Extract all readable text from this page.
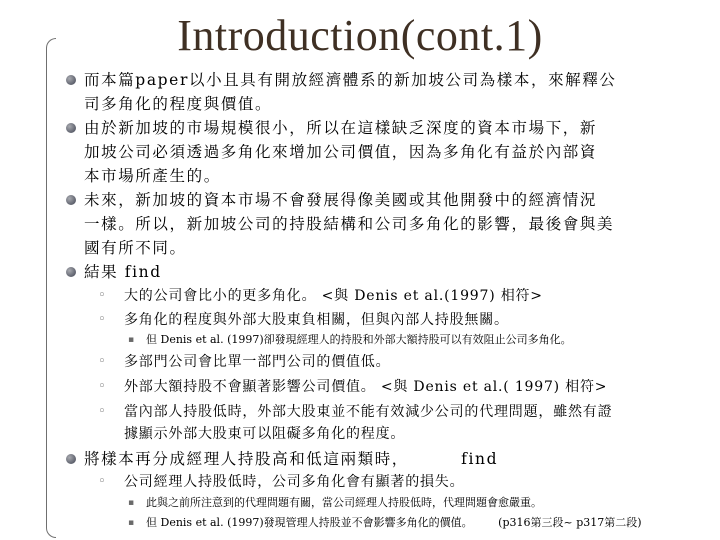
Introduction(cont.1)
而本篇paper以小且具有開放經濟體系的新加坡公司為樣本，來解釋公
司多角化的程度與價值。
由於新加坡的市場規模很小，所以在這樣缺乏深度的資本市場下，新
加坡公司必須透過多角化來增加公司價值，因為多角化有益於內部資
本市場所產生的。
未來，新加坡的資本市場不會發展得像美國或其他開發中的經濟情況
一樣。所以，新加坡公司的持股結構和公司多角化的影響，最後會與美
國有所不同。
結果 find
◦ 大的公司會比小的更多角化。 <與 Denis et al.(1997) 相符>
◦ 多角化的程度與外部大股東負相關，但與內部人持股無關。
▪ 但 Denis et al. (1997)卻發現經理人的持股和外部大額持股可以有效阻止公司多角化。
◦ 多部門公司會比單一部門公司的價值低。
◦ 外部大額持股不會顯著影響公司價值。 <與 Denis et al.( 1997) 相符>
◦ 當內部人持股低時，外部大股東並不能有效減少公司的代理問題，雖然有證
據顯示外部大股東可以阻礙多角化的程度。
將樣本再分成經理人持股高和低這兩類時，        find
◦ 公司經理人持股低時，公司多角化會有顯著的損失。
▪ 此與之前所注意到的代理問題有關，當公司經理人持股低時，代理問題會愈嚴重。
▪ 但 Denis et al. (1997)發現管理人持股並不會影響多角化的價值。 (p316第三段~ p317第二段)
